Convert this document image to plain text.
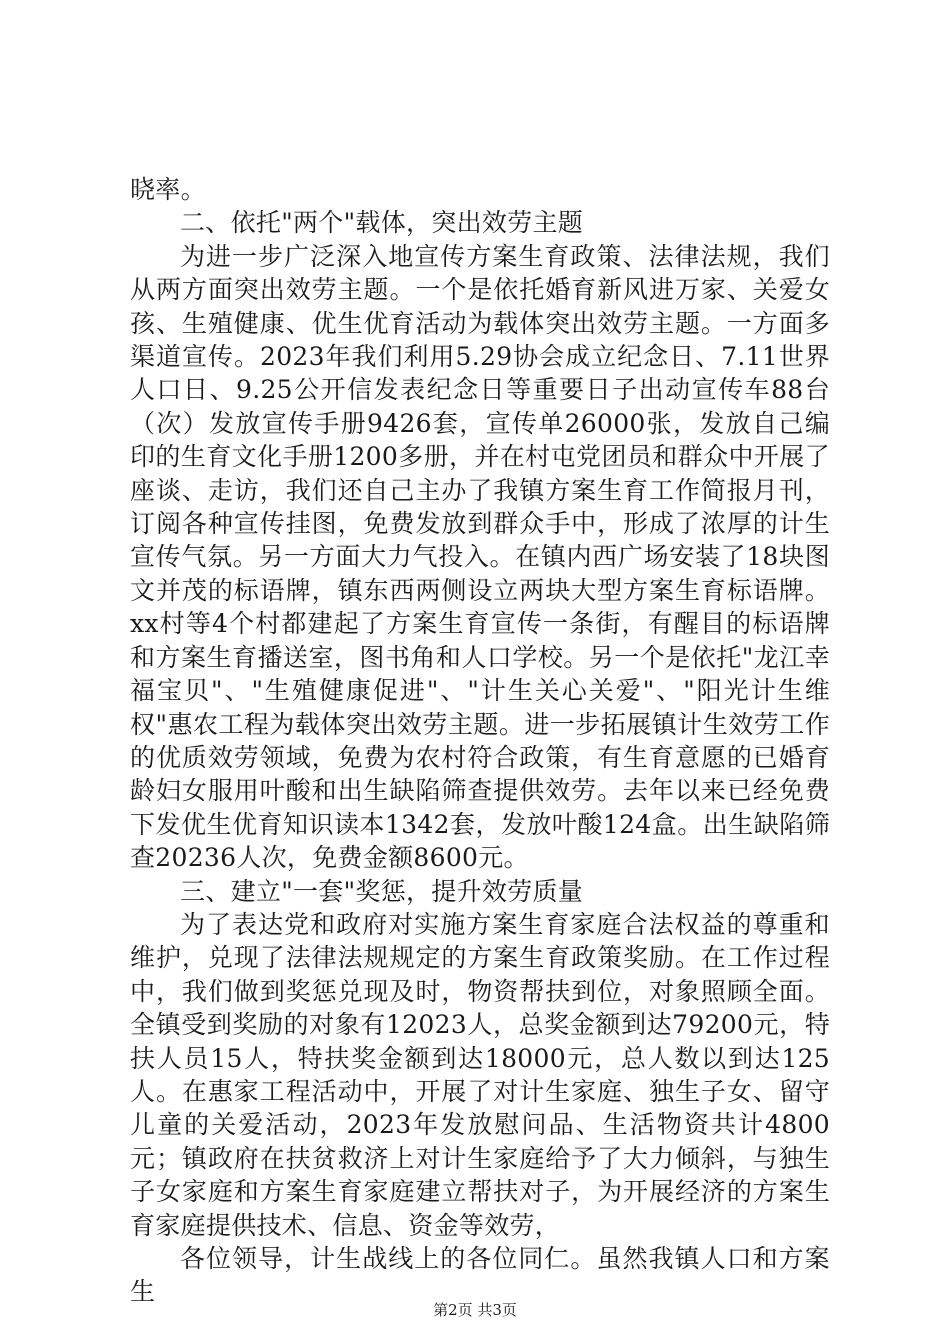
晓率。

二、依托"两个"载体，突出效劳主题

为进一步广泛深入地宣传方案生育政策、法律法规，我们从两方面突出效劳主题。一个是依托婚育新风进万家、关爱女孩、生殖健康、优生优育活动为载体突出效劳主题。一方面多渠道宣传。2023年我们利用5.29协会成立纪念日、7.11世界人口日、9.25公开信发表纪念日等重要日子出动宣传车88台（次）发放宣传手册9426套，宣传单26000张，发放自己编印的生育文化手册1200多册，并在村屯党团员和群众中开展了座谈、走访，我们还自己主办了我镇方案生育工作简报月刊，订阅各种宣传挂图，免费发放到群众手中，形成了浓厚的计生宣传气氛。另一方面大力气投入。在镇内西广场安装了18块图文并茂的标语牌，镇东西两侧设立两块大型方案生育标语牌。xx村等4个村都建起了方案生育宣传一条街，有醒目的标语牌和方案生育播送室，图书角和人口学校。另一个是依托"龙江幸福宝贝"、"生殖健康促进"、"计生关心关爱"、"阳光计生维权"惠农工程为载体突出效劳主题。进一步拓展镇计生效劳工作的优质效劳领域，免费为农村符合政策，有生育意愿的已婚育龄妇女服用叶酸和出生缺陷筛查提供效劳。去年以来已经免费下发优生优育知识读本1342套，发放叶酸124盒。出生缺陷筛查20236人次，免费金额8600元。

三、建立"一套"奖惩，提升效劳质量

为了表达党和政府对实施方案生育家庭合法权益的尊重和维护，兑现了法律法规规定的方案生育政策奖励。在工作过程中，我们做到奖惩兑现及时，物资帮扶到位，对象照顾全面。全镇受到奖励的对象有12023人，总奖金额到达79200元，特扶人员15人，特扶奖金额到达18000元，总人数以到达125人。在惠家工程活动中，开展了对计生家庭、独生子女、留守儿童的关爱活动，2023年发放慰问品、生活物资共计4800元；镇政府在扶贫救济上对计生家庭给予了大力倾斜，与独生子女家庭和方案生育家庭建立帮扶对子，为开展经济的方案生育家庭提供技术、信息、资金等效劳，

各位领导，计生战线上的各位同仁。虽然我镇人口和方案生

第2页 共3页
